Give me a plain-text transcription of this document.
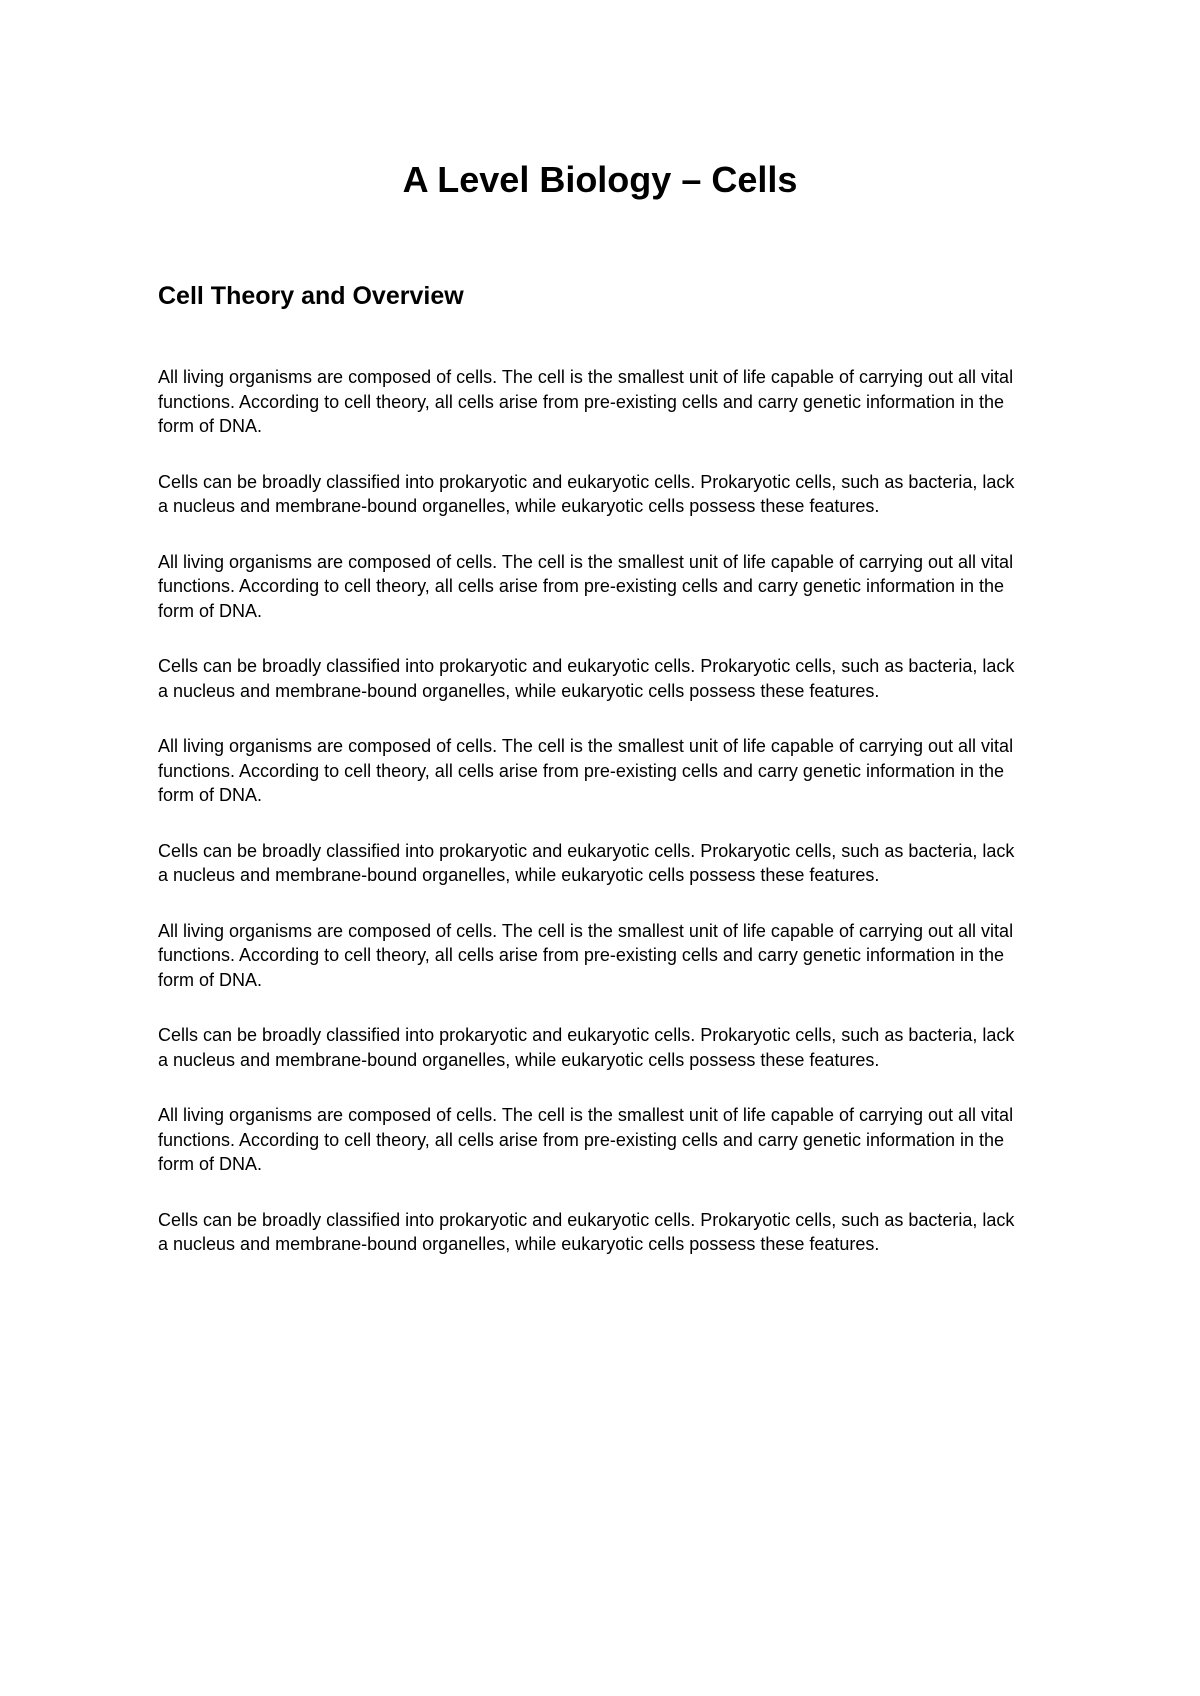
A Level Biology – Cells
Cell Theory and Overview

All living organisms are composed of cells. The cell is the smallest unit of life capable of carrying out all vital functions. According to cell theory, all cells arise from pre-existing cells and carry genetic information in the form of DNA.

Cells can be broadly classified into prokaryotic and eukaryotic cells. Prokaryotic cells, such as bacteria, lack a nucleus and membrane-bound organelles, while eukaryotic cells possess these features.

All living organisms are composed of cells. The cell is the smallest unit of life capable of carrying out all vital functions. According to cell theory, all cells arise from pre-existing cells and carry genetic information in the form of DNA.

Cells can be broadly classified into prokaryotic and eukaryotic cells. Prokaryotic cells, such as bacteria, lack a nucleus and membrane-bound organelles, while eukaryotic cells possess these features.

All living organisms are composed of cells. The cell is the smallest unit of life capable of carrying out all vital functions. According to cell theory, all cells arise from pre-existing cells and carry genetic information in the form of DNA.

Cells can be broadly classified into prokaryotic and eukaryotic cells. Prokaryotic cells, such as bacteria, lack a nucleus and membrane-bound organelles, while eukaryotic cells possess these features.

All living organisms are composed of cells. The cell is the smallest unit of life capable of carrying out all vital functions. According to cell theory, all cells arise from pre-existing cells and carry genetic information in the form of DNA.

Cells can be broadly classified into prokaryotic and eukaryotic cells. Prokaryotic cells, such as bacteria, lack a nucleus and membrane-bound organelles, while eukaryotic cells possess these features.

All living organisms are composed of cells. The cell is the smallest unit of life capable of carrying out all vital functions. According to cell theory, all cells arise from pre-existing cells and carry genetic information in the form of DNA.

Cells can be broadly classified into prokaryotic and eukaryotic cells. Prokaryotic cells, such as bacteria, lack a nucleus and membrane-bound organelles, while eukaryotic cells possess these features.
